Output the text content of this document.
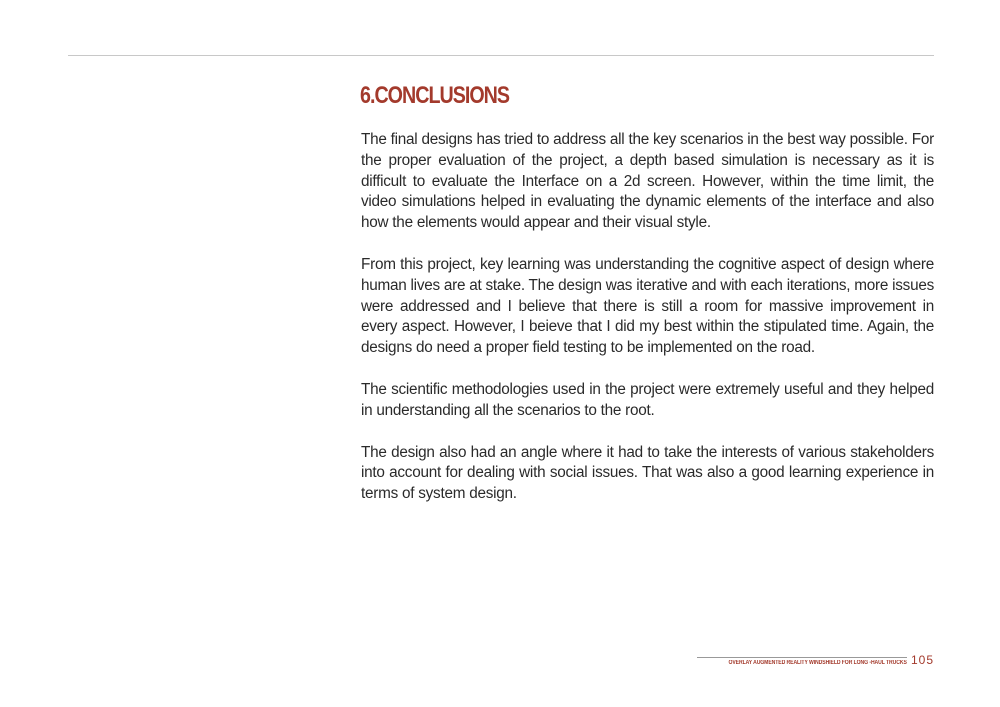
6.CONCLUSIONS

The final designs has tried to address all the key scenarios in the best way possible. For the proper evaluation of the project, a depth based simulation is necessary as it is difficult to evaluate the Interface on a 2d screen. However, within the time limit, the video simulations helped in evaluating the dynamic elements of the interface and also how the elements would appear and their visual style.

From this project, key learning was understanding the cognitive aspect of design where human lives are at stake. The design was iterative and with each iterations, more issues were addressed and I believe that there is still a room for massive improvement in every aspect. However, I beieve that I did my best within the stipulated time. Again, the designs do need a proper field testing to be implemented on the road.

The scientific methodologies used in the project were extremely useful and they helped in understanding all the scenarios to the root.

The design also had an angle where it had to take the interests of various stakeholders into account for dealing with social issues. That was also a good learning experience in terms of system design.

OVERLAY AUGMENTED REALITY WINDSHIELD FOR LONG -HAUL TRUCKS 105
